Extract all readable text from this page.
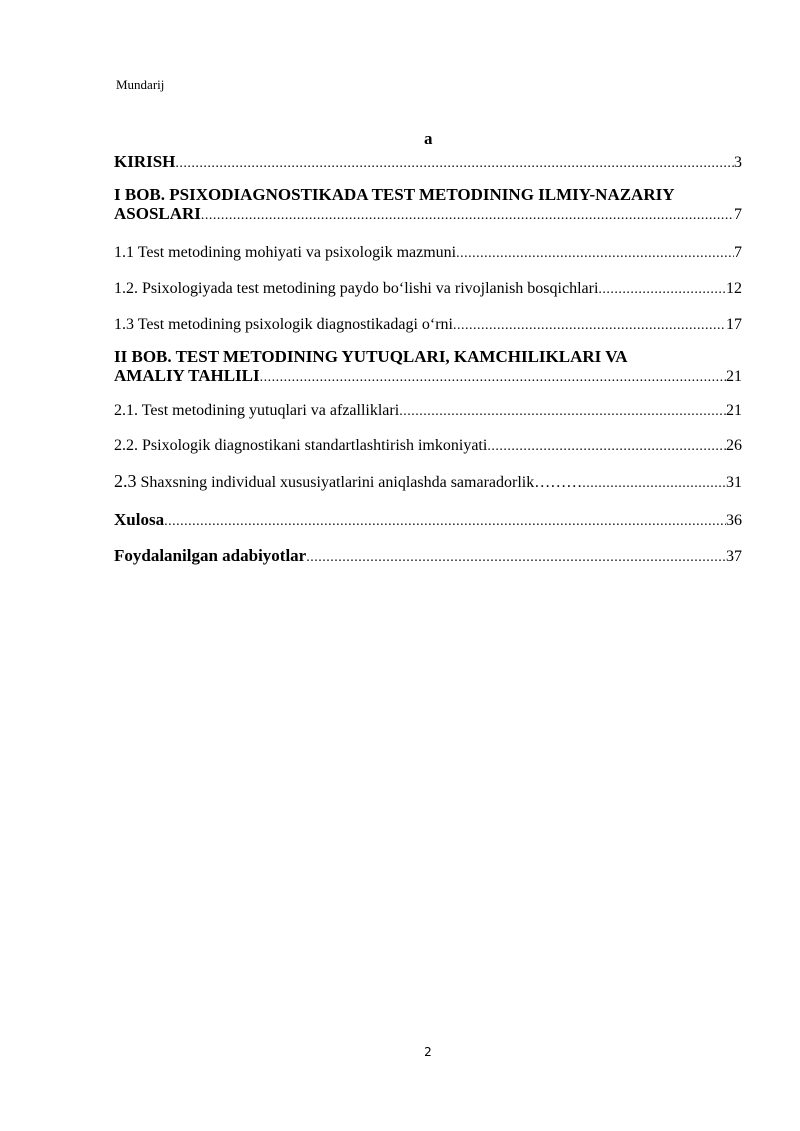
Mundarij
a
KIRISH .....	3
I BOB. PSIXODIAGNOSTIKADA TEST METODINING ILMIY-NAZARIY
ASOSLARI .....	7
1.1 Test metodining mohiyati va psixologik mazmuni .....	7
1.2. Psixologiyada test metodining paydo bo‘lishi va rivojlanish bosqichlari .....	12
1.3 Test metodining psixologik diagnostikadagi o‘rni .....	17
II BOB. TEST METODINING YUTUQLARI, KAMCHILIKLARI VA
AMALIY TAHLILI .....	21
2.1. Test metodining yutuqlari va afzalliklari .....	21
2.2. Psixologik diagnostikani standartlashtirish imkoniyati .....	26
2.3 Shaxsning individual xususiyatlarini aniqlashda samaradorlik……… .....	31
Xulosa .....	36
Foydalanilgan adabiyotlar .....	37
2
